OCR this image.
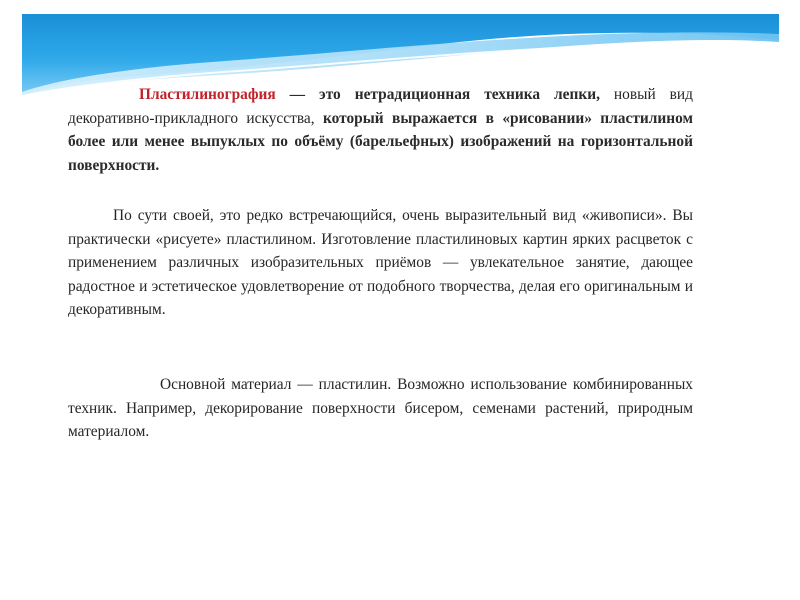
Пластилинография — это нетрадиционная техника лепки, новый вид декоративно-прикладного искусства, который выражается в «рисовании» пластилином более или менее выпуклых по объёму (барельефных) изображений на горизонтальной поверхности.

По сути своей, это редко встречающийся, очень выразительный вид «живописи». Вы практически «рисуете» пластилином. Изготовление пластилиновых картин ярких расцветок с применением различных изобразительных приёмов — увлекательное занятие, дающее радостное и эстетическое удовлетворение от подобного творчества, делая его оригинальным и декоративным.

Основной материал — пластилин. Возможно использование комбинированных техник. Например, декорирование поверхности бисером, семенами растений, природным материалом.
